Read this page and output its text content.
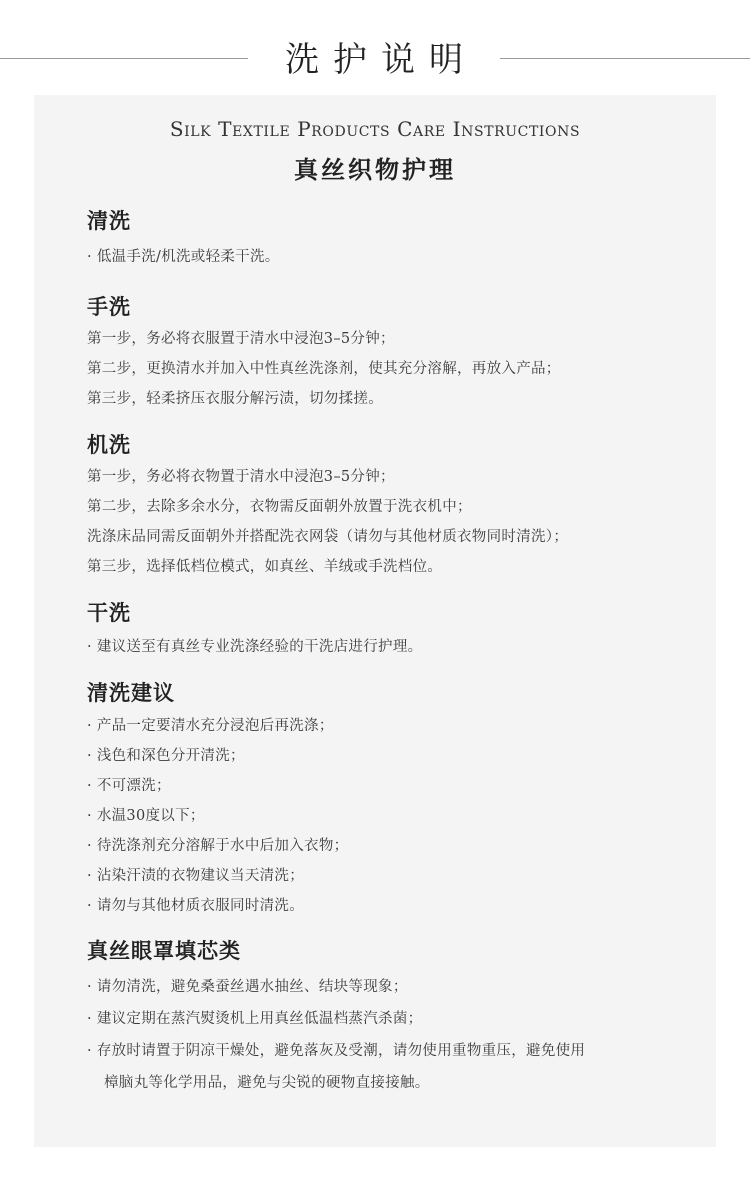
洗护说明
Silk Textile Products Care Instructions
真丝织物护理
清洗
· 低温手洗/机洗或轻柔干洗。
手洗
第一步，务必将衣服置于清水中浸泡3–5分钟；
第二步，更换清水并加入中性真丝洗涤剂，使其充分溶解，再放入产品；
第三步，轻柔挤压衣服分解污渍，切勿揉搓。
机洗
第一步，务必将衣物置于清水中浸泡3–5分钟；
第二步，去除多余水分，衣物需反面朝外放置于洗衣机中；
洗涤床品同需反面朝外并搭配洗衣网袋（请勿与其他材质衣物同时清洗）；
第三步，选择低档位模式，如真丝、羊绒或手洗档位。
干洗
· 建议送至有真丝专业洗涤经验的干洗店进行护理。
清洗建议
· 产品一定要清水充分浸泡后再洗涤；
· 浅色和深色分开清洗；
· 不可漂洗；
· 水温30度以下；
· 待洗涤剂充分溶解于水中后加入衣物；
· 沾染汗渍的衣物建议当天清洗；
· 请勿与其他材质衣服同时清洗。
真丝眼罩填芯类
· 请勿清洗，避免桑蚕丝遇水抽丝、结块等现象；
· 建议定期在蒸汽熨烫机上用真丝低温档蒸汽杀菌；
· 存放时请置于阴凉干燥处，避免落灰及受潮，请勿使用重物重压，避免使用
樟脑丸等化学用品，避免与尖锐的硬物直接接触。
